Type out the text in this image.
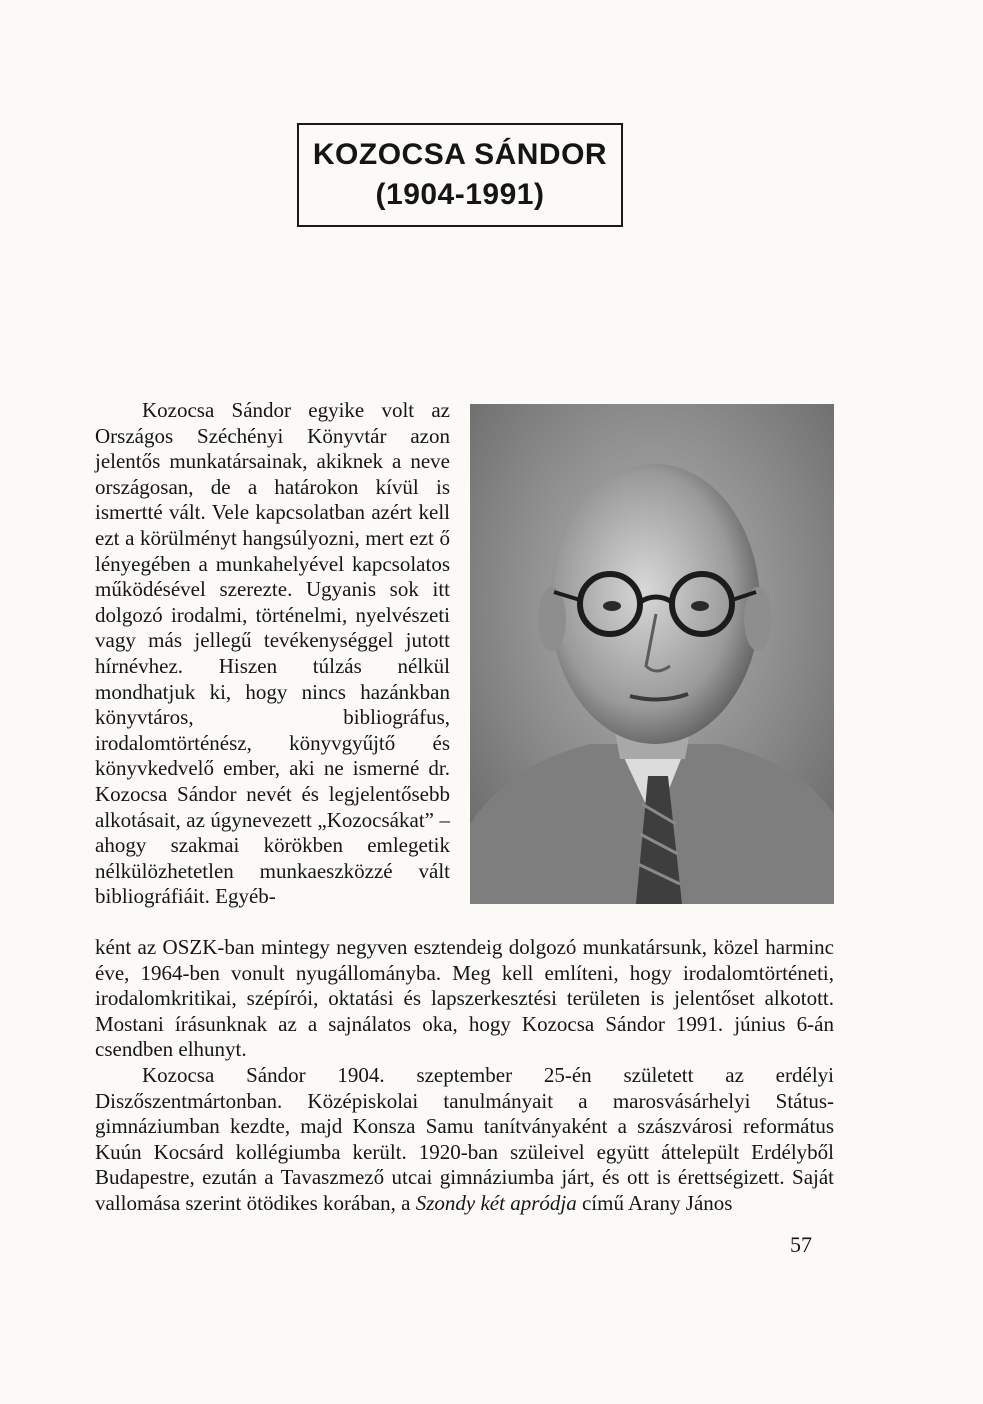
KOZOCSA SÁNDOR
(1904-1991)

Kozocsa Sándor egyike volt az Országos Széchényi Könyvtár azon jelentős munkatársainak, akiknek a neve országosan, de a határokon kívül is ismertté vált. Vele kapcsolatban azért kell ezt a körülményt hangsúlyozni, mert ezt ő lényegében a munkahelyével kapcsolatos működésével szerezte. Ugyanis sok itt dolgozó irodalmi, történelmi, nyelvészeti vagy más jellegű tevékenységgel jutott hírnévhez. Hiszen túlzás nélkül mondhatjuk ki, hogy nincs hazánkban könyvtáros, bibliográfus, irodalomtörténész, könyvgyűjtő és könyvkedvelő ember, aki ne ismerné dr. Kozocsa Sándor nevét és legjelentősebb alkotásait, az úgynevezett „Kozocsákat” – ahogy szakmai körökben emlegetik nélkülözhetetlen munkaeszközzé vált bibliográfiáit. Egyéb-

ként az OSZK-ban mintegy negyven esztendeig dolgozó munkatársunk, közel harminc éve, 1964-ben vonult nyugállományba. Meg kell említeni, hogy irodalomtörténeti, irodalomkritikai, szépírói, oktatási és lapszerkesztési területen is jelentőset alkotott. Mostani írásunknak az a sajnálatos oka, hogy Kozocsa Sándor 1991. június 6-án csendben elhunyt.

Kozocsa Sándor 1904. szeptember 25-én született az erdélyi Diszőszentmártonban. Középiskolai tanulmányait a marosvásárhelyi Státus-gimnáziumban kezdte, majd Konsza Samu tanítványaként a szászvárosi református Kuún Kocsárd kollégiumba került. 1920-ban szüleivel együtt áttelepült Erdélyből Budapestre, ezután a Tavaszmező utcai gimnáziumba járt, és ott is érettségizett. Saját vallomása szerint ötödikes korában, a Szondy két apródja című Arany János

57
